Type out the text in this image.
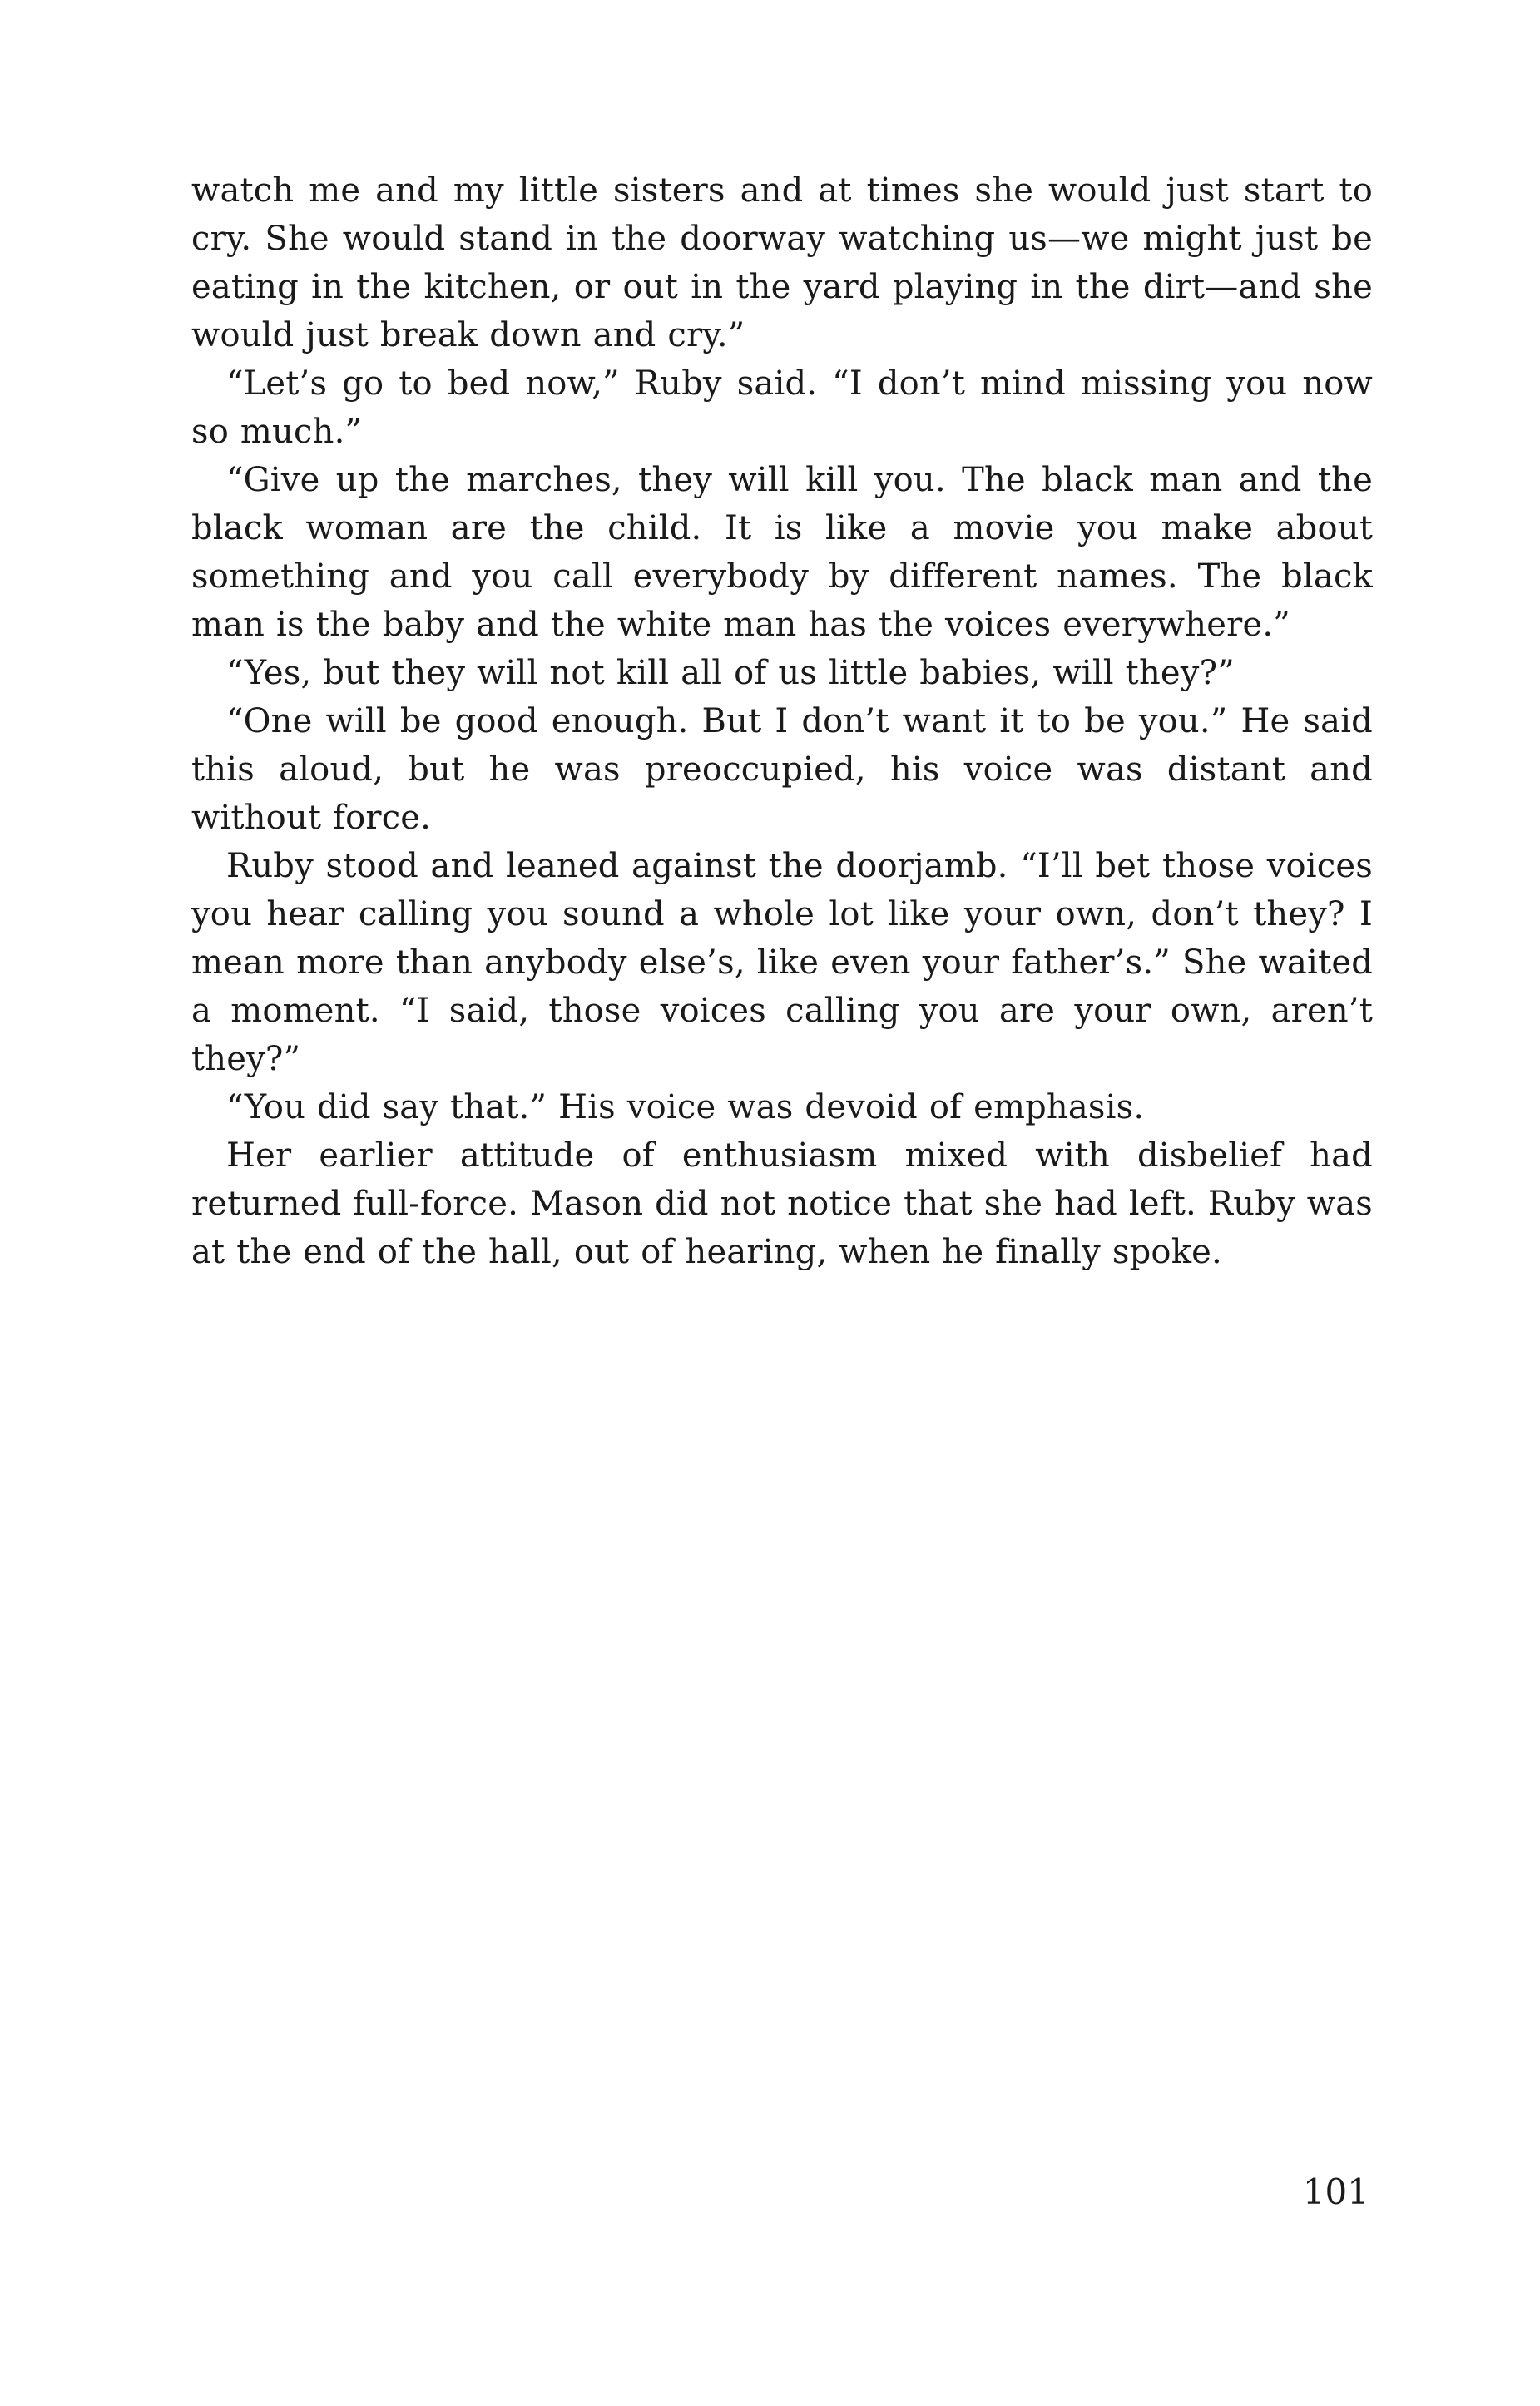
watch me and my little sisters and at times she would just start to cry. She would stand in the doorway watching us—we might just be eating in the kitchen, or out in the yard playing in the dirt—and she would just break down and cry.”

“Let’s go to bed now,” Ruby said. “I don’t mind missing you now so much.”

“Give up the marches, they will kill you. The black man and the black woman are the child. It is like a movie you make about something and you call everybody by different names. The black man is the baby and the white man has the voices everywhere.”

“Yes, but they will not kill all of us little babies, will they?”

“One will be good enough. But I don’t want it to be you.” He said this aloud, but he was preoccupied, his voice was distant and without force.

Ruby stood and leaned against the doorjamb. “I’ll bet those voices you hear calling you sound a whole lot like your own, don’t they? I mean more than anybody else’s, like even your father’s.” She waited a moment. “I said, those voices calling you are your own, aren’t they?”

“You did say that.” His voice was devoid of emphasis.

Her earlier attitude of enthusiasm mixed with disbelief had returned full-force. Mason did not notice that she had left. Ruby was at the end of the hall, out of hearing, when he finally spoke.

101
